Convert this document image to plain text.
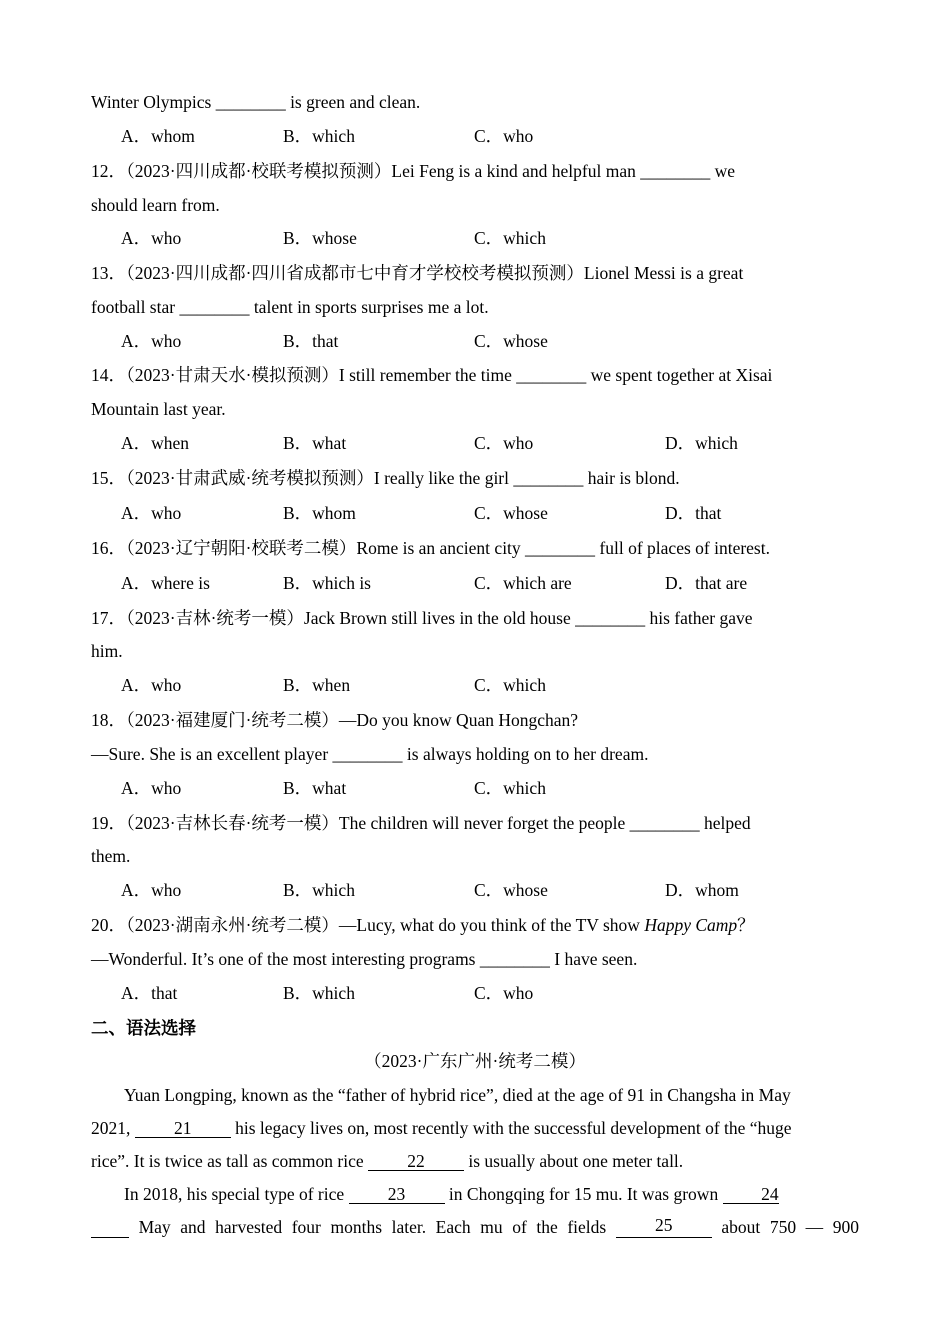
Winter Olympics ________ is green and clean.
A．whom	B．which	C．who
12．（2023·四川成都·校联考模拟预测）Lei Feng is a kind and helpful man ________ we
should learn from.
A．who	B．whose	C．which
13．（2023·四川成都·四川省成都市七中育才学校校考模拟预测）Lionel Messi is a great
football star ________ talent in sports surprises me a lot.
A．who	B．that	C．whose
14．（2023·甘肃天水·模拟预测）I still remember the time ________ we spent together at Xisai
Mountain last year.
A．when	B．what	C．who	D．which
15．（2023·甘肃武威·统考模拟预测）I really like the girl ________ hair is blond.
A．who	B．whom	C．whose	D．that
16．（2023·辽宁朝阳·校联考二模）Rome is an ancient city ________ full of places of interest.
A．where is	B．which is	C．which are	D．that are
17．（2023·吉林·统考一模）Jack Brown still lives in the old house ________ his father gave
him.
A．who	B．when	C．which
18．（2023·福建厦门·统考二模）—Do you know Quan Hongchan?
—Sure. She is an excellent player ________ is always holding on to her dream.
A．who	B．what	C．which
19．（2023·吉林长春·统考一模）The children will never forget the people ________ helped
them.
A．who	B．which	C．whose	D．whom
20．（2023·湖南永州·统考二模）—Lucy, what do you think of the TV show Happy Camp？
—Wonderful. It’s one of the most interesting programs ________ I have seen.
A．that	B．which	C．who
二、语法选择
（2023·广东广州·统考二模）
Yuan Longping, known as the “father of hybrid rice”, died at the age of 91 in Changsha in May
2021, 21 his legacy lives on, most recently with the successful development of the “huge
rice”. It is twice as tall as common rice 22 is usually about one meter tall.
In 2018, his special type of rice 23 in Chongqing for 15 mu. It was grown 24
May and harvested four months later. Each mu of the fields	25	about 750 — 900
